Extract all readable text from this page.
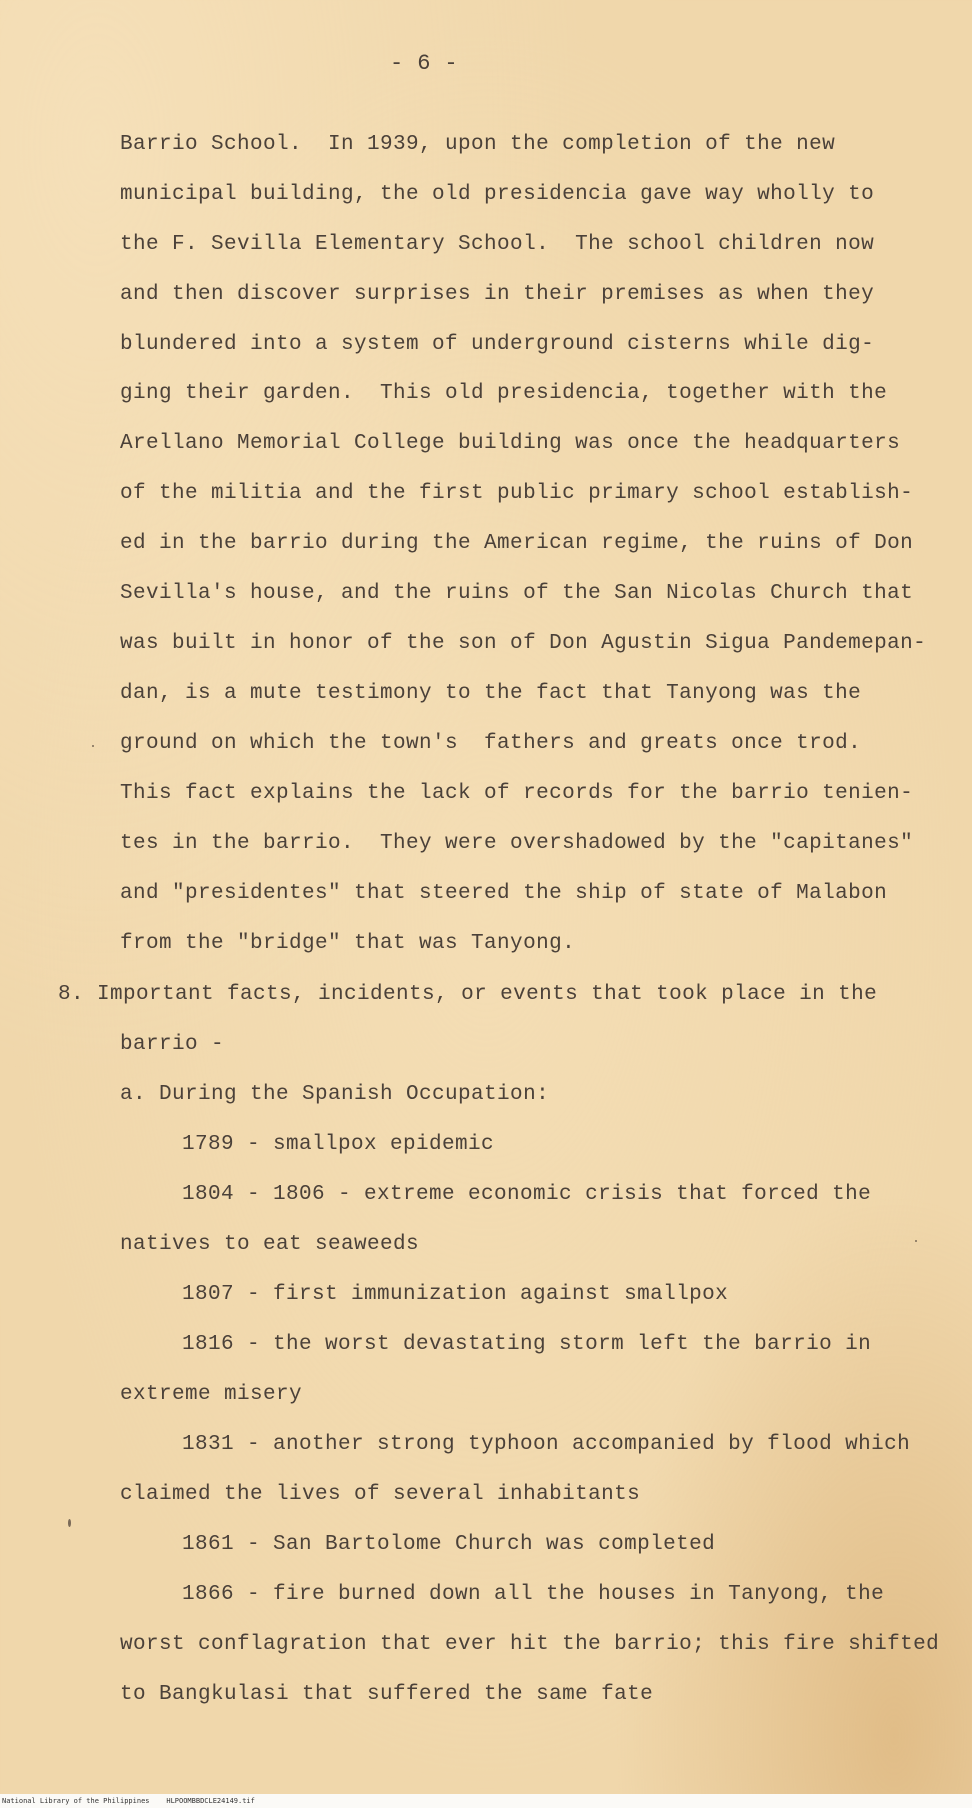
- 6 -
Barrio School.  In 1939, upon the completion of the new
municipal building, the old presidencia gave way wholly to
the F. Sevilla Elementary School.  The school children now
and then discover surprises in their premises as when they
blundered into a system of underground cisterns while dig-
ging their garden.  This old presidencia, together with the
Arellano Memorial College building was once the headquarters
of the militia and the first public primary school establish-
ed in the barrio during the American regime, the ruins of Don
Sevilla's house, and the ruins of the San Nicolas Church that
was built in honor of the son of Don Agustin Sigua Pandemepan-
dan, is a mute testimony to the fact that Tanyong was the
ground on which the town's  fathers and greats once trod.
This fact explains the lack of records for the barrio tenien-
tes in the barrio.  They were overshadowed by the "capitanes"
and "presidentes" that steered the ship of state of Malabon
from the "bridge" that was Tanyong.
8. Important facts, incidents, or events that took place in the
barrio -
a. During the Spanish Occupation:
1789 - smallpox epidemic
1804 - 1806 - extreme economic crisis that forced the
natives to eat seaweeds
1807 - first immunization against smallpox
1816 - the worst devastating storm left the barrio in
extreme misery
1831 - another strong typhoon accompanied by flood which
claimed the lives of several inhabitants
1861 - San Bartolome Church was completed
1866 - fire burned down all the houses in Tanyong, the
worst conflagration that ever hit the barrio; this fire shifted
to Bangkulasi that suffered the same fate
National Library of the Philippines    HLPOOMBBDCLE24149.tif
